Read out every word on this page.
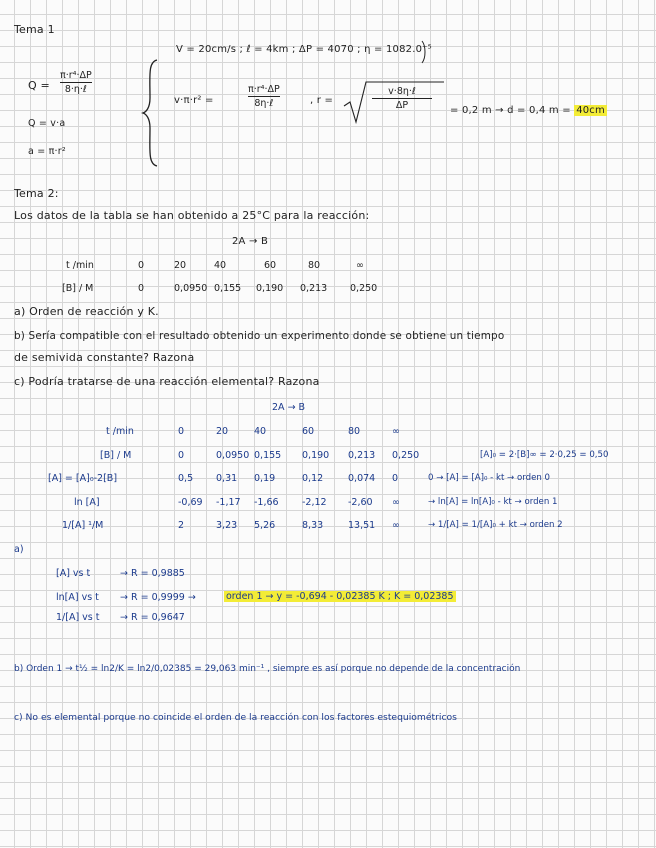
Tema 1
Q =
π·r⁴·ΔP
8·η·ℓ
Q = v·a
a = π·r²
V = 20cm/s ; ℓ = 4km ; ΔP = 4070 ; η = 1082.0⁻⁵
v·π·r² =
π·r⁴·ΔP
8η·ℓ	, r =
v·8η·ℓ
ΔP	= 0,2 m → d = 0,4 m = 40cm
Tema 2:
Los datos de la tabla se han obtenido a 25°C para la reacción:
2A → B
t /min	0	20	40	60	80	∞
[B] / M	0	0,0950 0,155 0,190 0,213 0,250
a) Orden de reacción y K.
b) Sería compatible con el resultado obtenido un experimento donde se obtiene un tiempo
de semivida constante? Razona
c) Podría tratarse de una reacción elemental? Razona
2A → B
t /min	0	20	40	60	80	∞
[B] / M	0	0,0950 0,155 0,190 0,213 0,250	[A]₀ = 2·[B]∞ = 2·0,25 = 0,50
[A] = [A]₀-2[B]	0,5 0,31 0,19	0,12	0,074 0	0 → [A] = [A]₀ - kt → orden 0
ln [A]	-0,69 -1,17 -1,66 -2,12 -2,60 ∞	→ ln[A] = ln[A]₀ - kt → orden 1
1/[A] ¹/M	2	3,23 5,26	8,33	13,51 ∞	→ 1/[A] = 1/[A]₀ + kt → orden 2
a)
[A] vs t	→ R = 0,9885
ln[A] vs t → R = 0,9999 →	orden 1 → y = -0,694 - 0,02385 K ; K = 0,02385
1/[A] vs t → R = 0,9647
b) Orden 1 → t½ = ln2/K = ln2/0,02385 = 29,063 min⁻¹ , siempre es así porque no depende de la concentración
c) No es elemental porque no coincide el orden de la reacción con los factores estequiométricos
